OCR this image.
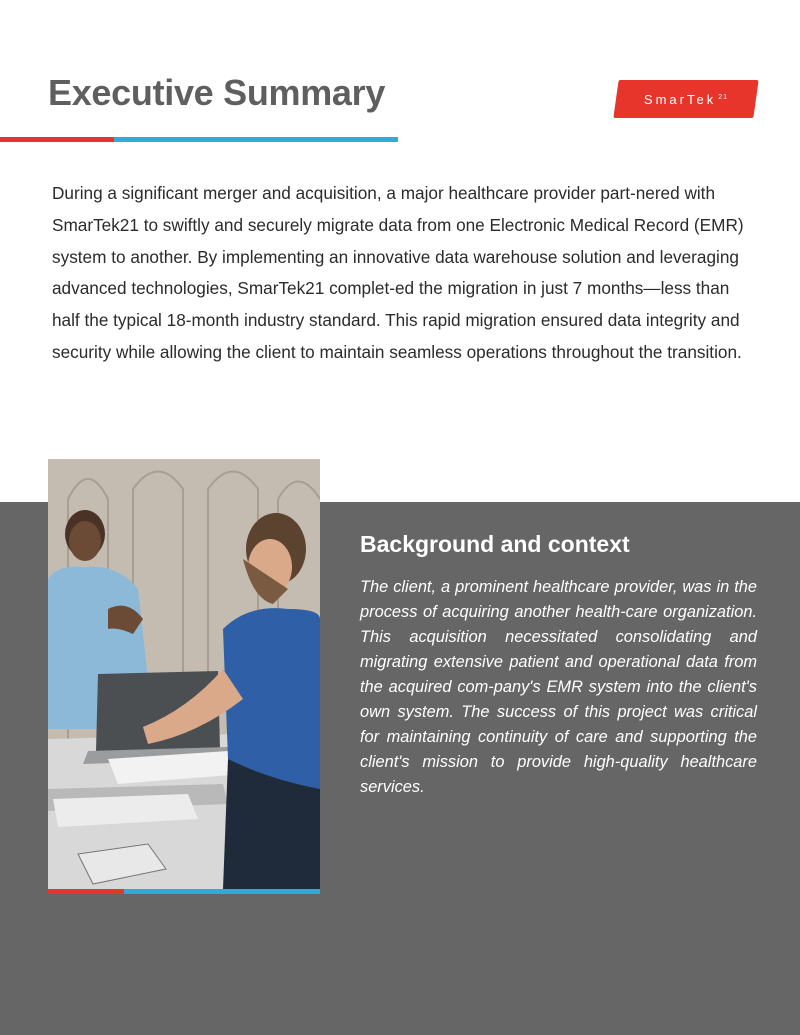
Executive Summary	SmarTek $^{21}$

During a significant merger and acquisition, a major healthcare provider part-nered with SmarTek21 to swiftly and securely migrate data from one Electronic Medical Record (EMR) system to another. By implementing an innovative data warehouse solution and leveraging advanced technologies, SmarTek21 complet-ed the migration in just 7 months—less than half the typical 18-month industry standard. This rapid migration ensured data integrity and security while allowing the client to maintain seamless operations throughout the transition.

Background and context

The client, a prominent healthcare provider, was in the process of acquiring another health-care organization. This acquisition necessitated consolidating and migrating extensive patient and operational data from the acquired com-pany's EMR system into the client's own system. The success of this project was critical for maintaining continuity of care and supporting the client's mission to provide high-quality healthcare services.
